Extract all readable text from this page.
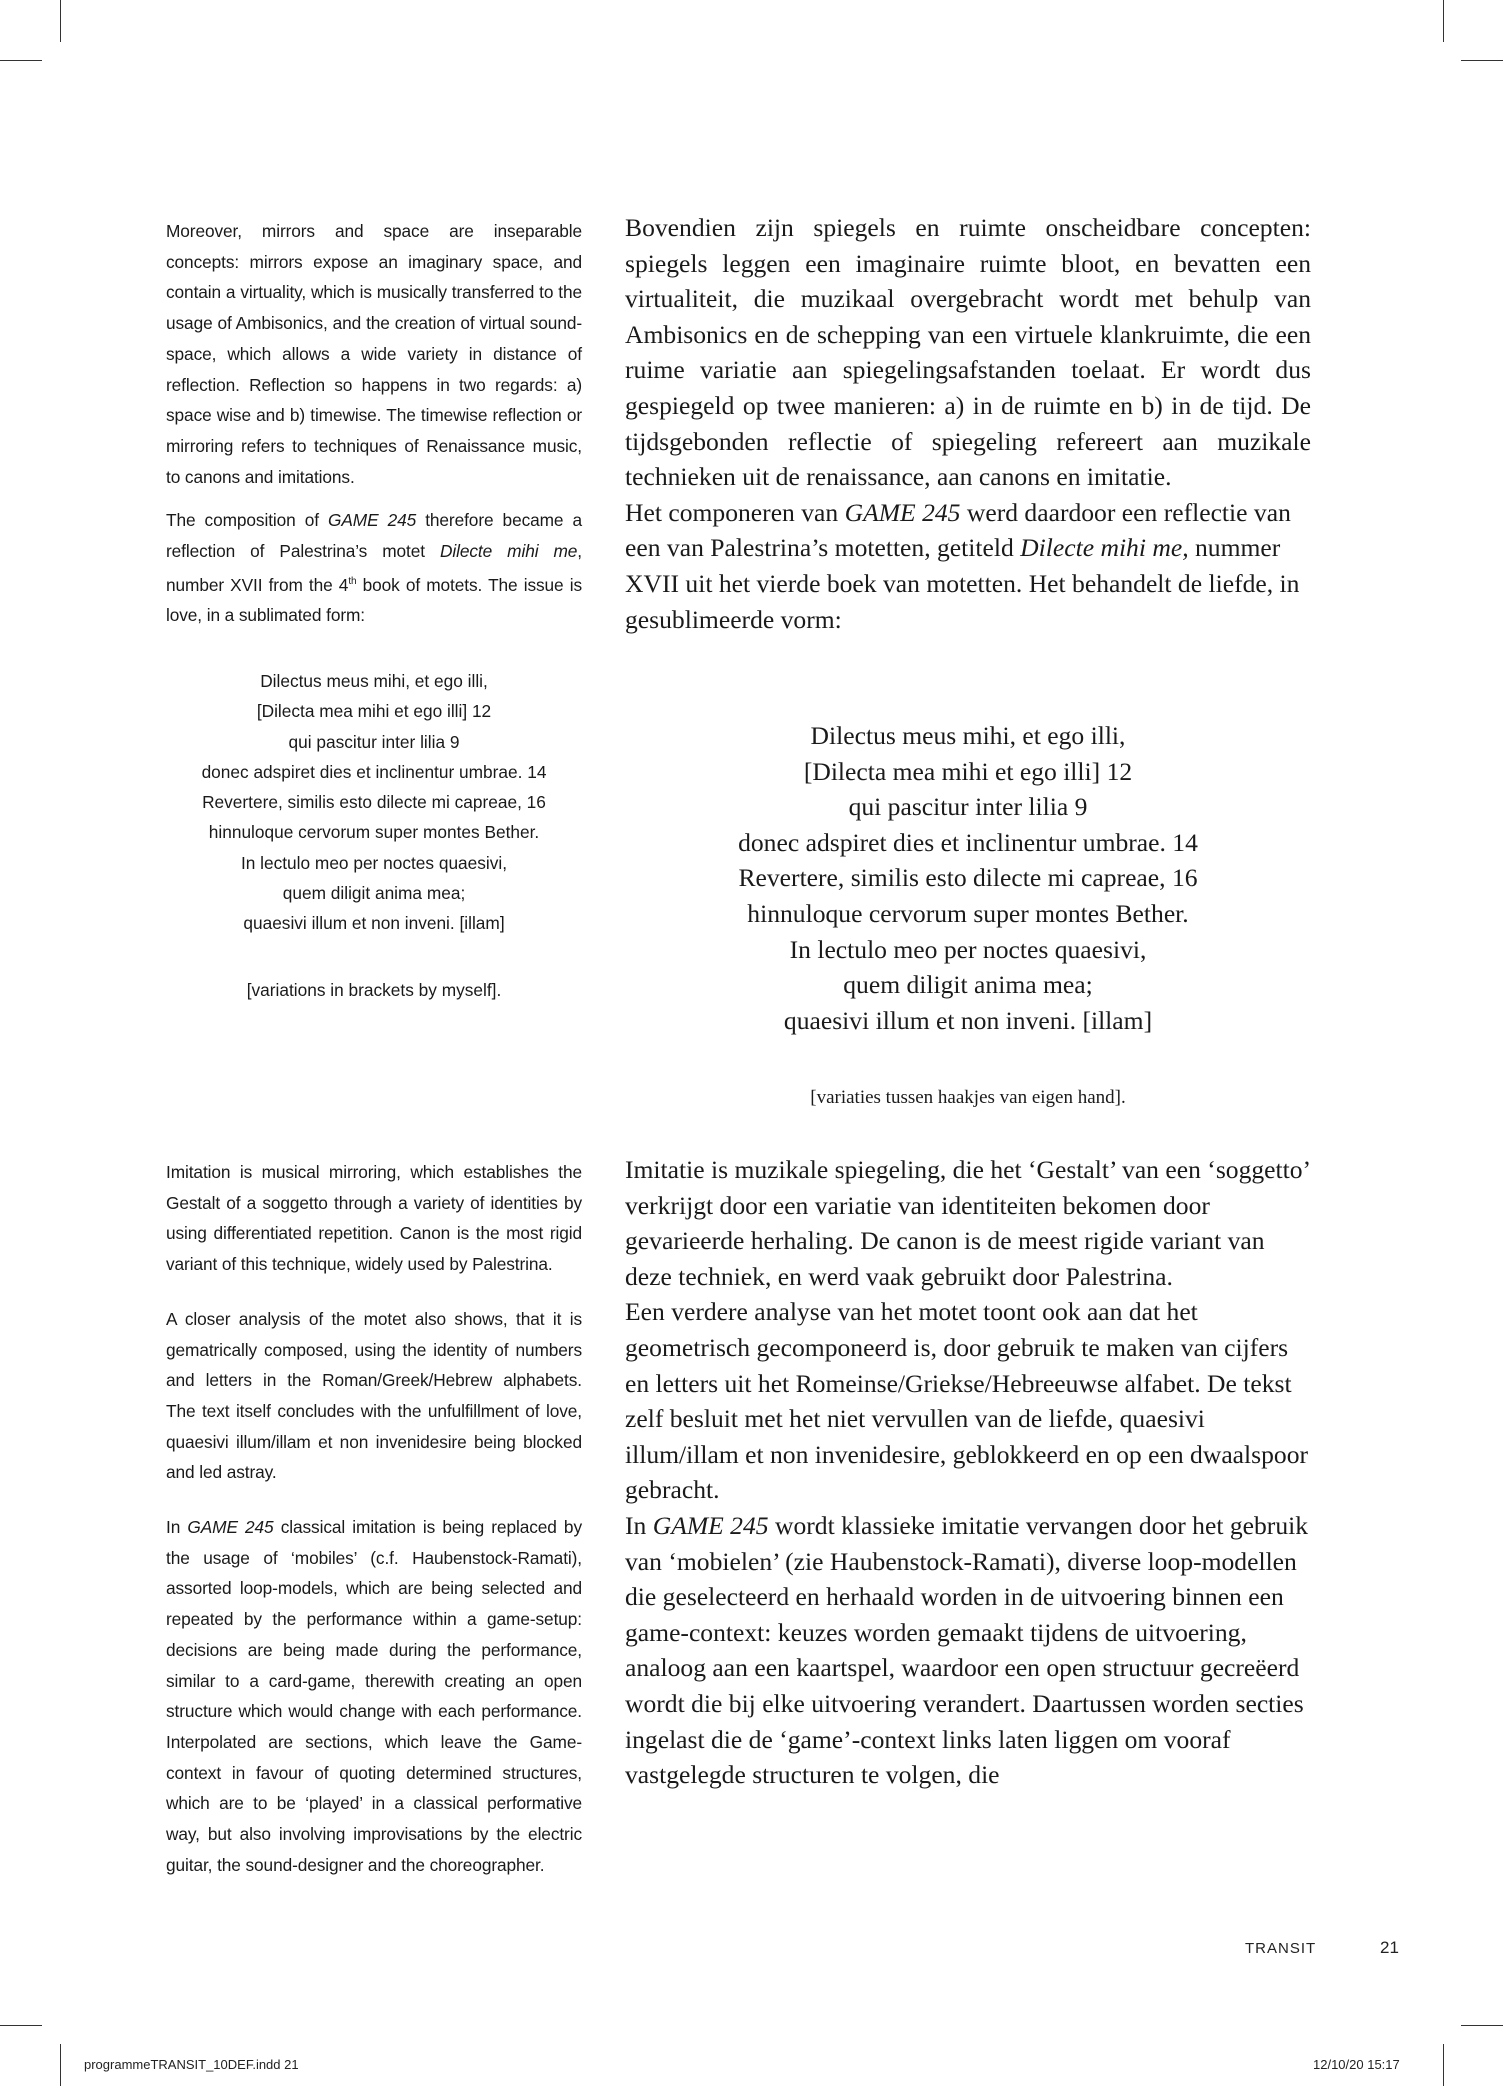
Moreover, mirrors and space are inseparable concepts: mirrors expose an imaginary space, and contain a virtuality, which is musically transferred to the usage of Ambisonics, and the creation of virtual sound-space, which allows a wide variety in distance of reflection. Reflection so happens in two regards: a) space wise and b) timewise. The timewise reflection or mirroring refers to techniques of Renaissance music, to canons and imitations.

The composition of GAME 245 therefore became a reflection of Palestrina’s motet Dilecte mihi me, number XVII from the 4th book of motets. The issue is love, in a sublimated form:

Dilectus meus mihi, et ego illi,
[Dilecta mea mihi et ego illi] 12
qui pascitur inter lilia 9
donec adspiret dies et inclinentur umbrae. 14
Revertere, similis esto dilecte mi capreae, 16
hinnuloque cervorum super montes Bether.
In lectulo meo per noctes quaesivi,
quem diligit anima mea;
quaesivi illum et non inveni. [illam]
[variations in brackets by myself].

Bovendien zijn spiegels en ruimte onscheidbare concepten: spiegels leggen een imaginaire ruimte bloot, en bevatten een virtualiteit, die muzikaal overgebracht wordt met behulp van Ambisonics en de schepping van een virtuele klankruimte, die een ruime variatie aan spiegelingsafstanden toelaat. Er wordt dus gespiegeld op twee manieren: a) in de ruimte en b) in de tijd. De tijdsgebonden reflectie of spiegeling refereert aan muzikale technieken uit de renaissance, aan canons en imitatie.

Het componeren van GAME 245 werd daardoor een reflectie van een van Palestrina’s motetten, getiteld Dilecte mihi me, nummer XVII uit het vierde boek van motetten. Het behandelt de liefde, in gesublimeerde vorm:

Dilectus meus mihi, et ego illi,
[Dilecta mea mihi et ego illi] 12
qui pascitur inter lilia 9
donec adspiret dies et inclinentur umbrae. 14
Revertere, similis esto dilecte mi capreae, 16
hinnuloque cervorum super montes Bether.
In lectulo meo per noctes quaesivi,
quem diligit anima mea;
quaesivi illum et non inveni. [illam]
[variaties tussen haakjes van eigen hand].

Imitation is musical mirroring, which establishes the Gestalt of a soggetto through a variety of identities by using differentiated repetition. Canon is the most rigid variant of this technique, widely used by Palestrina.

A closer analysis of the motet also shows, that it is gematrically composed, using the identity of numbers and letters in the Roman/Greek/Hebrew alphabets. The text itself concludes with the unfulfillment of love, quaesivi illum/illam et non invenidesire being blocked and led astray.

In GAME 245 classical imitation is being replaced by the usage of ‘mobiles’ (c.f. Haubenstock-Ramati), assorted loop-models, which are being selected and repeated by the performance within a game-setup: decisions are being made during the performance, similar to a card-game, therewith creating an open structure which would change with each performance. Interpolated are sections, which leave the Game-context in favour of quoting determined structures, which are to be ‘played’ in a classical performative way, but also involving improvisations by the electric guitar, the sound-designer and the choreographer.

Imitatie is muzikale spiegeling, die het ‘Gestalt’ van een ‘soggetto’ verkrijgt door een variatie van identiteiten bekomen door gevarieerde herhaling. De canon is de meest rigide variant van deze techniek, en werd vaak gebruikt door Palestrina.

Een verdere analyse van het motet toont ook aan dat het geometrisch gecomponeerd is, door gebruik te maken van cijfers en letters uit het Romeinse/Griekse/Hebreeuwse alfabet. De tekst zelf besluit met het niet vervullen van de liefde, quaesivi illum/illam et non invenidesire, geblokkeerd en op een dwaalspoor gebracht.

In GAME 245 wordt klassieke imitatie vervangen door het gebruik van ‘mobielen’ (zie Haubenstock-Ramati), diverse loop-modellen die geselecteerd en herhaald worden in de uitvoering binnen een game-context: keuzes worden gemaakt tijdens de uitvoering, analoog aan een kaartspel, waardoor een open structuur gecreëerd wordt die bij elke uitvoering verandert. Daartussen worden secties ingelast die de ‘game’-context links laten liggen om vooraf vastgelegde structuren te volgen, die

TRANSIT	21
programmeTRANSIT_10DEF.indd 21	12/10/20 15:17
